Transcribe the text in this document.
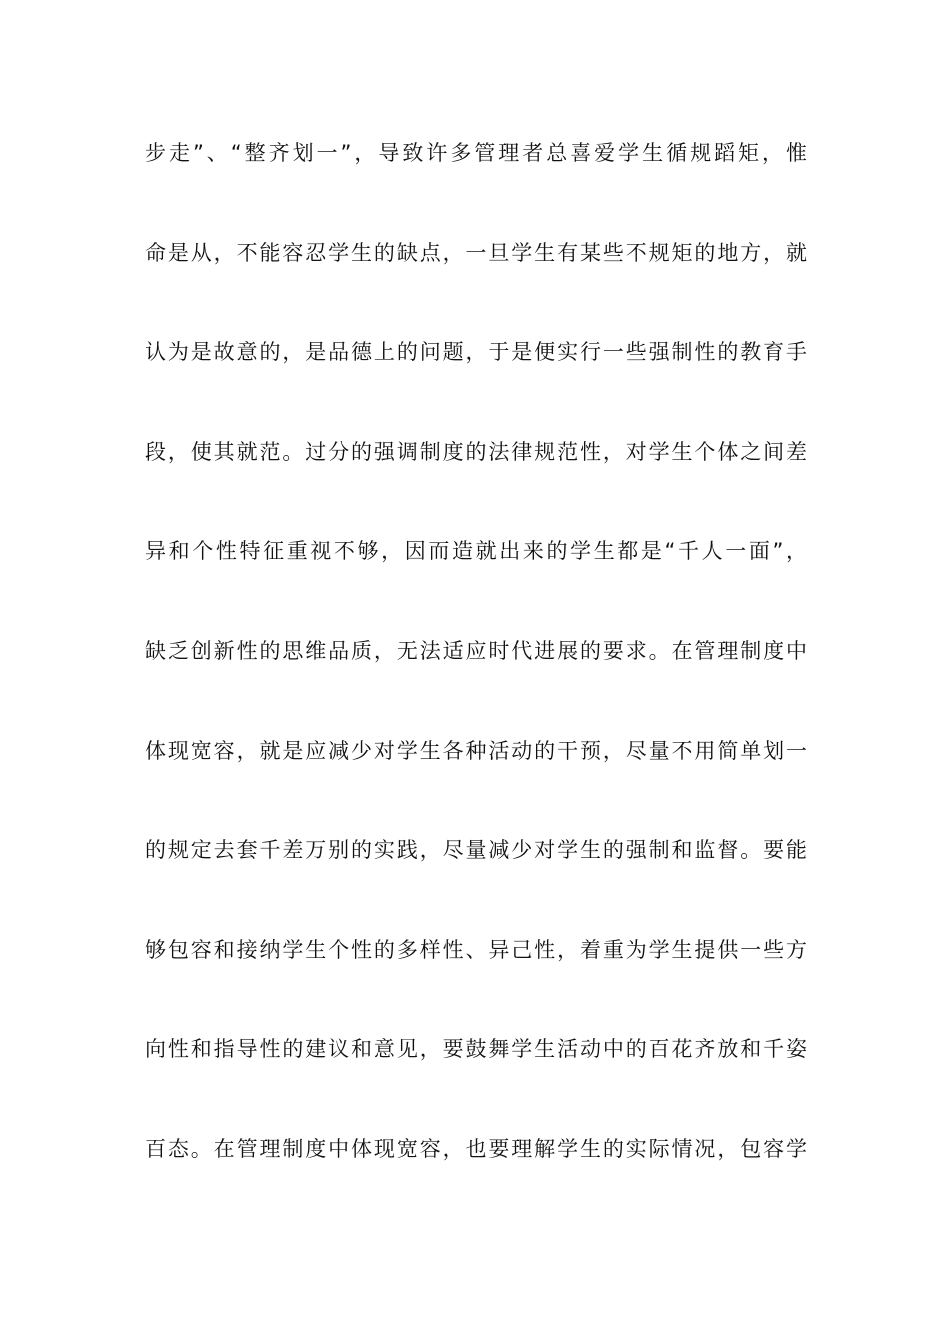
步走”、“整齐划一”，导致许多管理者总喜爱学生循规蹈矩，惟
命是从，不能容忍学生的缺点，一旦学生有某些不规矩的地方，就
认为是故意的，是品德上的问题，于是便实行一些强制性的教育手
段，使其就范。过分的强调制度的法律规范性，对学生个体之间差
异和个性特征重视不够，因而造就出来的学生都是“千人一面”，
缺乏创新性的思维品质，无法适应时代进展的要求。在管理制度中
体现宽容，就是应减少对学生各种活动的干预，尽量不用简单划一
的规定去套千差万别的实践，尽量减少对学生的强制和监督。要能
够包容和接纳学生个性的多样性、异己性，着重为学生提供一些方
向性和指导性的建议和意见，要鼓舞学生活动中的百花齐放和千姿
百态。在管理制度中体现宽容，也要理解学生的实际情况，包容学
